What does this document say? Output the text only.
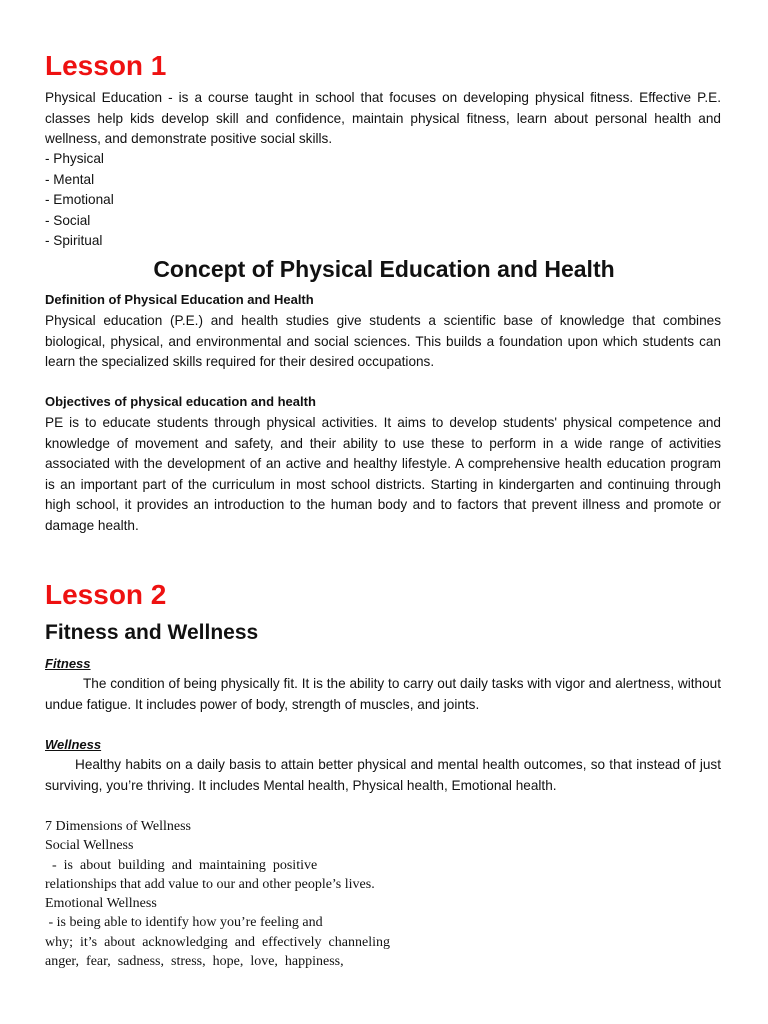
Lesson 1

Physical Education - is a course taught in school that focuses on developing physical fitness. Effective P.E. classes help kids develop skill and confidence, maintain physical fitness, learn about personal health and wellness, and demonstrate positive social skills.

- Physical
- Mental
- Emotional
- Social
- Spiritual
Concept of Physical Education and Health
Definition of Physical Education and Health

Physical education (P.E.) and health studies give students a scientific base of knowledge that combines biological, physical, and environmental and social sciences. This builds a foundation upon which students can learn the specialized skills required for their desired occupations.

Objectives of physical education and health

PE is to educate students through physical activities. It aims to develop students' physical competence and knowledge of movement and safety, and their ability to use these to perform in a wide range of activities associated with the development of an active and healthy lifestyle. A comprehensive health education program is an important part of the curriculum in most school districts. Starting in kindergarten and continuing through high school, it provides an introduction to the human body and to factors that prevent illness and promote or damage health.

Lesson 2
Fitness and Wellness
Fitness

The condition of being physically fit. It is the ability to carry out daily tasks with vigor and alertness, without undue fatigue. It includes power of body, strength of muscles, and joints.

Wellness

Healthy habits on a daily basis to attain better physical and mental health outcomes, so that instead of just surviving, you’re thriving. It includes Mental health, Physical health, Emotional health.

7 Dimensions of Wellness
Social Wellness
-  is  about  building  and  maintaining  positive
relationships that add value to our and other people’s lives.
Emotional Wellness
- is being able to identify how you’re feeling and
why;  it’s  about  acknowledging  and  effectively  channeling
anger,  fear,  sadness,  stress,  hope,  love,  happiness,
